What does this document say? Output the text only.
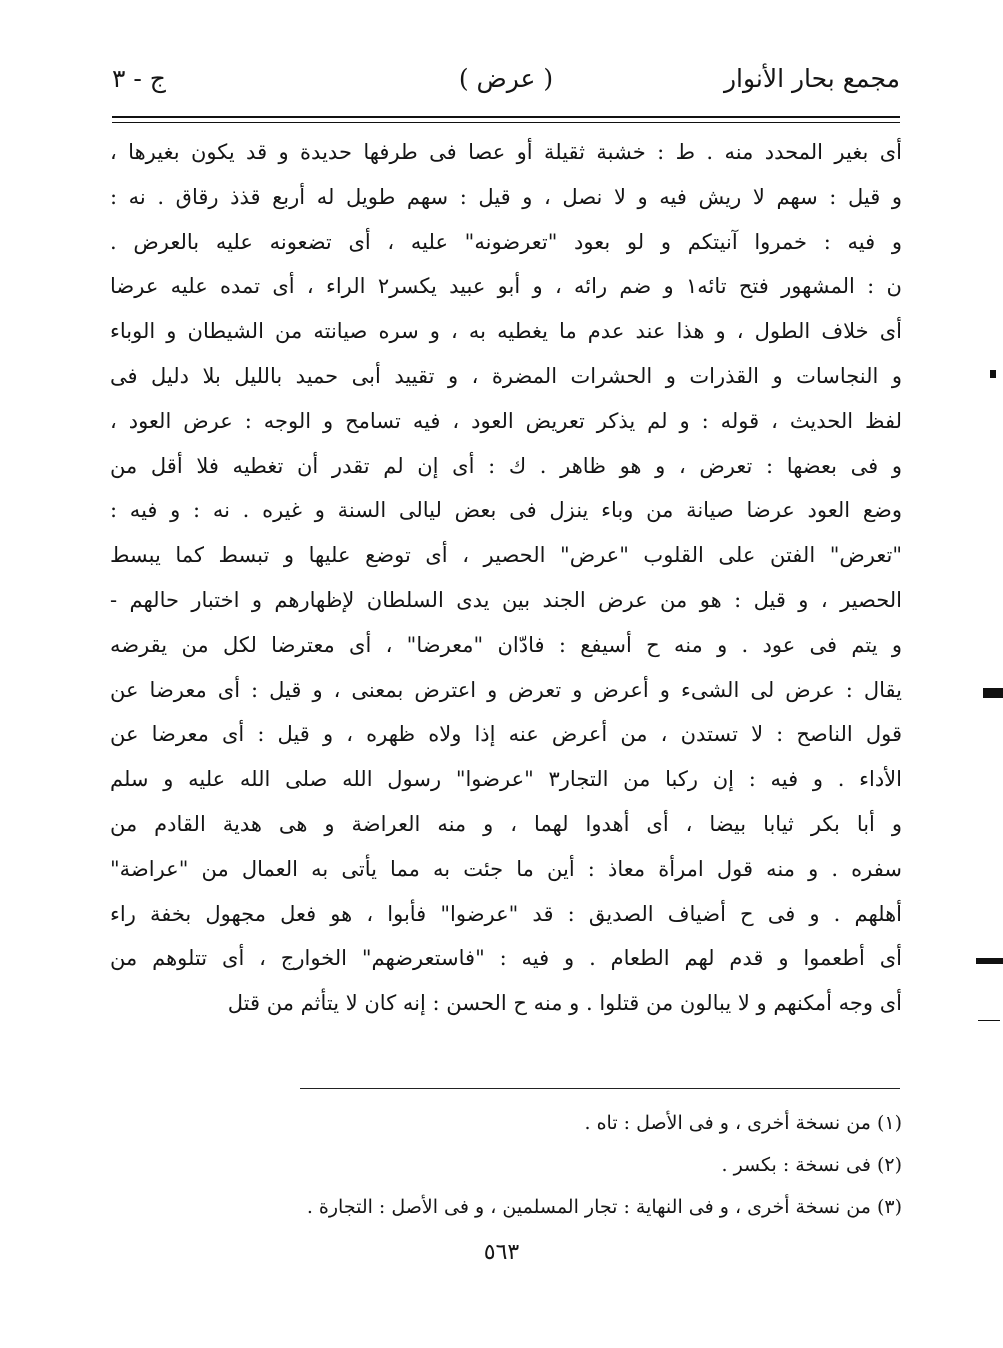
مجمع بحار الأنوار
( عرض )
ج - ٣
أى بغير المحدد منه . ط : خشبة ثقيلة أو عصا فى طرفها حديدة و قد يكون بغيرها ،
و قيل : سهم لا ريش فيه و لا نصل ، و قيل : سهم طويل له أربع قذذ رقاق . نه :
و فيه : خمروا آنيتكم و لو بعود "تعرضونه" عليه ، أى تضعونه عليه بالعرض .
ن : المشهور فتح تائه١ و ضم رائه ، و أبو عبيد يكسر٢ الراء ، أى تمده عليه عرضا
أى خلاف الطول ، و هذا عند عدم ما يغطيه به ، و سره صيانته من الشيطان و الوباء
و النجاسات و القذرات و الحشرات المضرة ، و تقييد أبى حميد بالليل بلا دليل فى
لفظ الحديث ، قوله : و لم يذكر تعريض العود ، فيه تسامح و الوجه : عرض العود ،
و فى بعضها : تعرض ، و هو ظاهر . ك : أى إن لم تقدر أن تغطيه فلا أقل من
وضع العود عرضا صيانة من وباء ينزل فى بعض ليالى السنة و غيره . نه : و فيه :
"تعرض" الفتن على القلوب "عرض" الحصير ، أى توضع عليها و تبسط كما يبسط
الحصير ، و قيل : هو من عرض الجند بين يدى السلطان لإظهارهم و اختبار حالهم -
و يتم فى عود . و منه ح أسيفع : فادّان "معرضا" ، أى معترضا لكل من يقرضه
يقال : عرض لى الشىء و أعرض و تعرض و اعترض بمعنى ، و قيل : أى معرضا عن
قول الناصح : لا تستدن ، من أعرض عنه إذا ولاه ظهره ، و قيل : أى معرضا عن
الأداء . و فيه : إن ركبا من التجار٣ "عرضوا" رسول الله صلى الله عليه و سلم
و أبا بكر ثيابا بيضا ، أى أهدوا لهما ، و منه العراضة و هى هدية القادم من
سفره . و منه قول امرأة معاذ : أين ما جئت به مما يأتى به العمال من "عراضة"
أهلهم . و فى ح أضياف الصديق : قد "عرضوا" فأبوا ، هو فعل مجهول بخفة راء
أى أطعموا و قدم لهم الطعام . و فيه : "فاستعرضهم" الخوارج ، أى تتلوهم من
أى وجه أمكنهم و لا يبالون من قتلوا . و منه ح الحسن : إنه كان لا يتأثم من قتل
(١) من نسخة أخرى ، و فى الأصل : تاه .
(٢) فى نسخة : بكسر .
(٣) من نسخة أخرى ، و فى النهاية : تجار المسلمين ، و فى الأصل : التجارة .
٥٦٣
